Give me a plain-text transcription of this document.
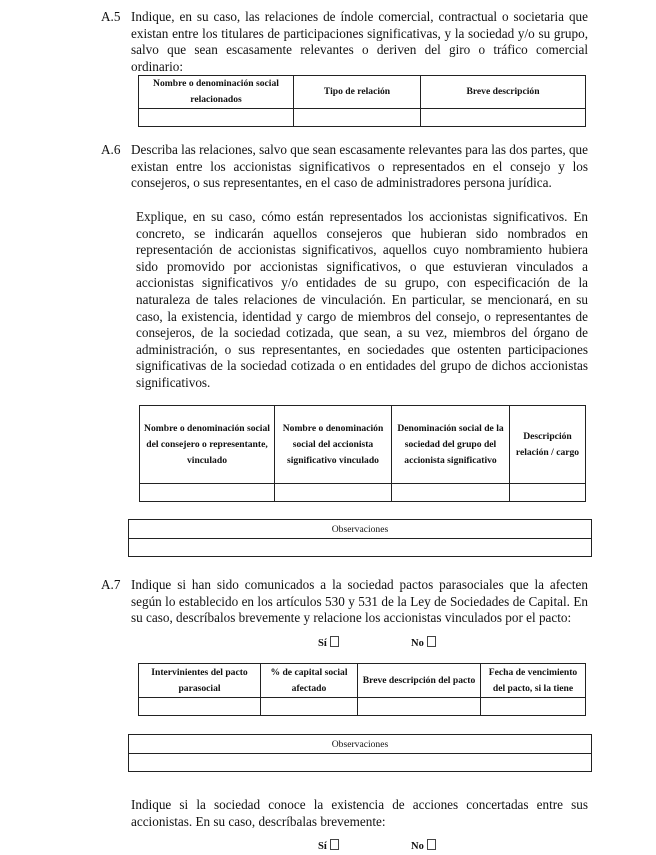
A.5 Indique, en su caso, las relaciones de índole comercial, contractual o societaria que existan entre los titulares de participaciones significativas, y la sociedad y/o su grupo, salvo que sean escasamente relevantes o deriven del giro o tráfico comercial ordinario:
Nombre o denominación social relacionados	Tipo de relación	Breve descripción

A.6 Describa las relaciones, salvo que sean escasamente relevantes para las dos partes, que existan entre los accionistas significativos o representados en el consejo y los consejeros, o sus representantes, en el caso de administradores persona jurídica.
Explique, en su caso, cómo están representados los accionistas significativos. En concreto, se indicarán aquellos consejeros que hubieran sido nombrados en representación de accionistas significativos, aquellos cuyo nombramiento hubiera sido promovido por accionistas significativos, o que estuvieran vinculados a accionistas significativos y/o entidades de su grupo, con especificación de la naturaleza de tales relaciones de vinculación. En particular, se mencionará, en su caso, la existencia, identidad y cargo de miembros del consejo, o representantes de consejeros, de la sociedad cotizada, que sean, a su vez, miembros del órgano de administración, o sus representantes, en sociedades que ostenten participaciones significativas de la sociedad cotizada o en entidades del grupo de dichos accionistas significativos.
Nombre o denominación social del consejero o representante, vinculado	Nombre o denominación social del accionista significativo vinculado	Denominación social de la sociedad del grupo del accionista significativo	Descripción relación / cargo

Observaciones

A.7 Indique si han sido comunicados a la sociedad pactos parasociales que la afecten según lo establecido en los artículos 530 y 531 de la Ley de Sociedades de Capital. En su caso, descríbalos brevemente y relacione los accionistas vinculados por el pacto:
Sí	No
Intervinientes del pacto parasocial	% de capital social afectado	Breve descripción del pacto	Fecha de vencimiento del pacto, si la tiene

Observaciones

Indique si la sociedad conoce la existencia de acciones concertadas entre sus accionistas. En su caso, descríbalas brevemente:
Sí	No
